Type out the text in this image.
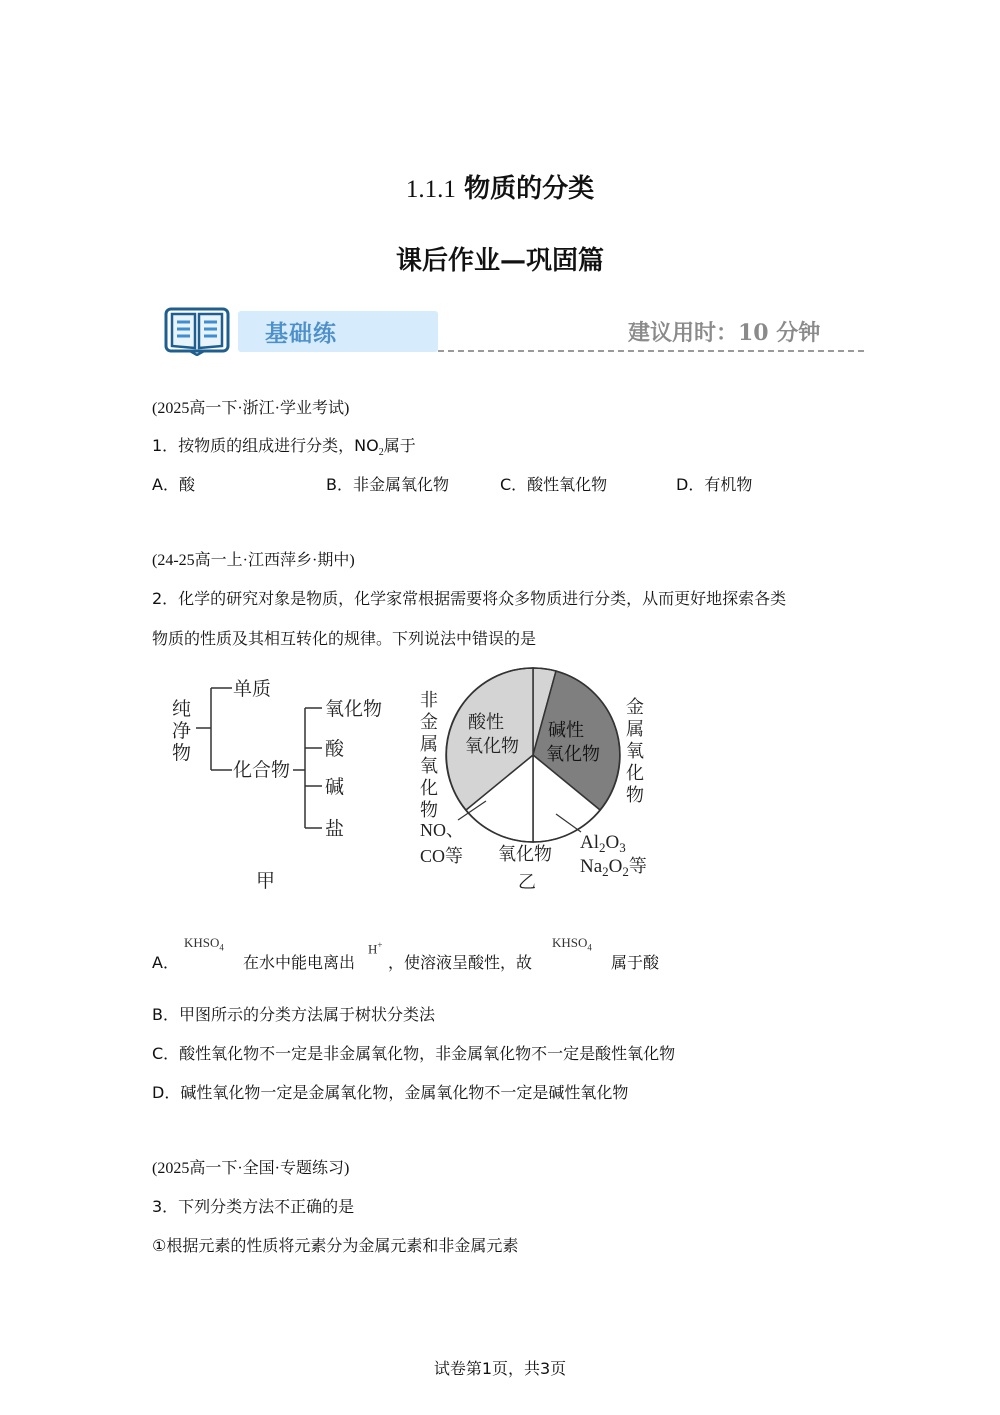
1.1.1 物质的分类
课后作业—巩固篇
基础练	建议用时：10 分钟
(2025高一下·浙江·学业考试)
1．按物质的组成进行分类，$NO_2$属于
A．酸	B．非金属氧化物	C．酸性氧化物	D．有机物
(24-25高一上·江西萍乡·期中)
2．化学的研究对象是物质，化学家常根据需要将众多物质进行分类，从而更好地探索各类
物质的性质及其相互转化的规律。下列说法中错误的是
纯
净
物
单质
化合物
氧化物
酸
碱
盐
甲
非
金
属
氧
化
物
金
属
氧
化
物
酸性
氧化物
碱性
氧化物
NO、
CO等 氧化物
乙
$Al_2O_3$
$Na_2O_2$等
A．
$KHSO_4$
在水中能电离出
H+
，使溶液呈酸性，故
$KHSO_4$
属于酸
B．甲图所示的分类方法属于树状分类法
C．酸性氧化物不一定是非金属氧化物，非金属氧化物不一定是酸性氧化物
D．碱性氧化物一定是金属氧化物，金属氧化物不一定是碱性氧化物
(2025高一下·全国·专题练习)
3．下列分类方法不正确的是
①根据元素的性质将元素分为金属元素和非金属元素
试卷第1页，共3页
